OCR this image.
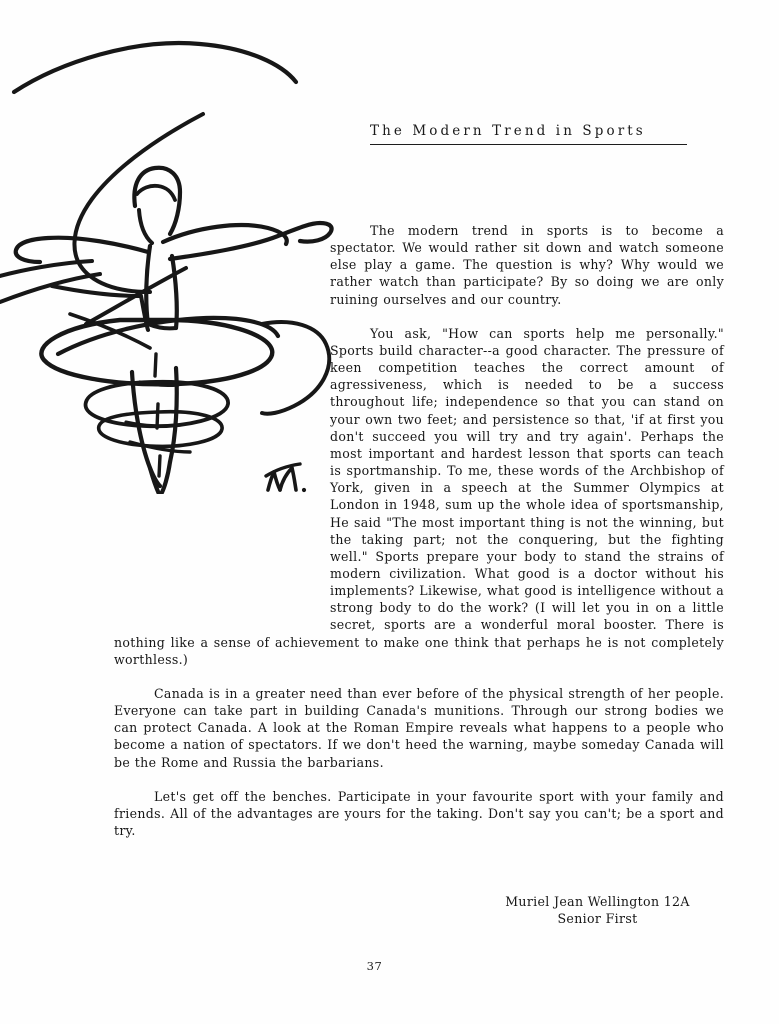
The Modern Trend in Sports

The modern trend in sports is to become a spectator. We would rather sit down and watch someone else play a game. The question is why? Why would we rather watch than participate? By so doing we are only ruining ourselves and our country.

You ask, "How can sports help me personally." Sports build character--a good character. The pressure of keen competition teaches the correct amount of agressiveness, which is needed to be a success throughout life; independence so that you can stand on your own two feet; and persistence so that, 'if at first you don't succeed you will try and try again'. Perhaps the most important and hardest lesson that sports can teach is sportmanship. To me, these words of the Archbishop of York, given in a speech at the Summer Olympics at London in 1948, sum up the whole idea of sportsmanship, He said "The most important thing is not the winning, but the taking part; not the conquering, but the fighting well." Sports prepare your body to stand the strains of modern civilization. What good is a doctor without his implements? Likewise, what good is intelligence without a strong body to do the work? (I will let you in on a little secret, sports are a wonderful moral booster. There is nothing like a sense of achievement to make one think that perhaps he is not completely worthless.)

Canada is in a greater need than ever before of the physical strength of her people. Everyone can take part in building Canada's munitions. Through our strong bodies we can protect Canada. A look at the Roman Empire reveals what happens to a people who become a nation of spectators. If we don't heed the warning, maybe someday Canada will be the Rome and Russia the barbarians.

Let's get off the benches. Participate in your favourite sport with your family and friends. All of the advantages are yours for the taking. Don't say you can't; be a sport and try.

Muriel Jean Wellington 12A
Senior First
37
